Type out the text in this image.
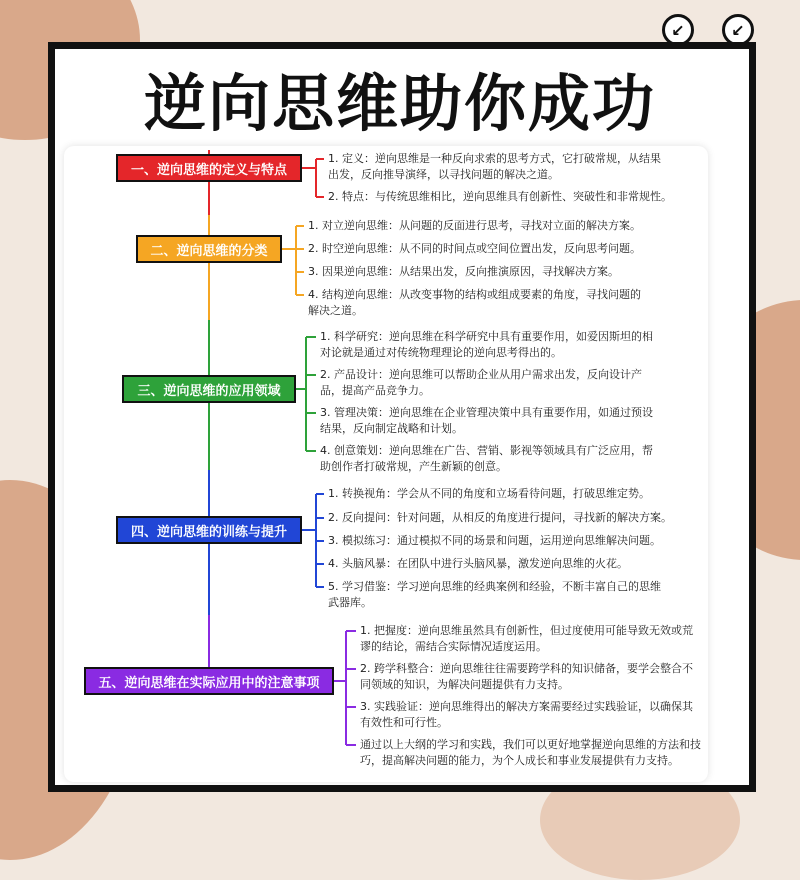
↙	↙
逆向思维助你成功
一、逆向思维的定义与特点
1. 定义：逆向思维是一种反向求索的思考方式，它打破常规，从结果
出发，反向推导演绎，以寻找问题的解决之道。
2. 特点：与传统思维相比，逆向思维具有创新性、突破性和非常规性。
二、逆向思维的分类
1. 对立逆向思维：从问题的反面进行思考，寻找对立面的解决方案。
2. 时空逆向思维：从不同的时间点或空间位置出发，反向思考问题。
3. 因果逆向思维：从结果出发，反向推演原因，寻找解决方案。
4. 结构逆向思维：从改变事物的结构或组成要素的角度，寻找问题的
解决之道。
三、逆向思维的应用领域
1. 科学研究：逆向思维在科学研究中具有重要作用，如爱因斯坦的相
对论就是通过对传统物理理论的逆向思考得出的。
2. 产品设计：逆向思维可以帮助企业从用户需求出发，反向设计产
品，提高产品竞争力。
3. 管理决策：逆向思维在企业管理决策中具有重要作用，如通过预设
结果，反向制定战略和计划。
4. 创意策划：逆向思维在广告、营销、影视等领域具有广泛应用，帮
助创作者打破常规，产生新颖的创意。
四、逆向思维的训练与提升
1. 转换视角：学会从不同的角度和立场看待问题，打破思维定势。
2. 反向提问：针对问题，从相反的角度进行提问，寻找新的解决方案。
3. 模拟练习：通过模拟不同的场景和问题，运用逆向思维解决问题。
4. 头脑风暴：在团队中进行头脑风暴，激发逆向思维的火花。
5. 学习借鉴：学习逆向思维的经典案例和经验，不断丰富自己的思维
武器库。
五、逆向思维在实际应用中的注意事项
1. 把握度：逆向思维虽然具有创新性，但过度使用可能导致无效或荒
谬的结论，需结合实际情况适度运用。
2. 跨学科整合：逆向思维往往需要跨学科的知识储备，要学会整合不
同领域的知识，为解决问题提供有力支持。
3. 实践验证：逆向思维得出的解决方案需要经过实践验证，以确保其
有效性和可行性。
通过以上大纲的学习和实践，我们可以更好地掌握逆向思维的方法和技
巧，提高解决问题的能力，为个人成长和事业发展提供有力支持。
